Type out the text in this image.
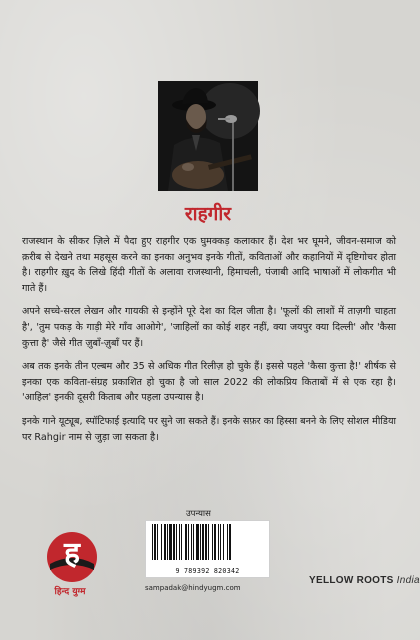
राहगीर

राजस्थान के सीकर ज़िले में पैदा हुए राहगीर एक घुमक्कड़ कलाकार हैं। देश भर घूमने, जीवन-समाज को क़रीब से देखने तथा महसूस करने का इनका अनुभव इनके गीतों, कविताओं और कहानियों में दृष्टिगोचर होता है। राहगीर ख़ुद के लिखे हिंदी गीतों के अलावा राजस्थानी, हिमाचली, पंजाबी आदि भाषाओं में लोकगीत भी गाते हैं।

अपने सच्चे-सरल लेखन और गायकी से इन्होंने पूरे देश का दिल जीता है। 'फूलों की लाशों में ताज़गी चाहता है', 'तुम पकड़ के गाड़ी मेरे गाँव आओगे', 'जाहिलों का कोई शहर नहीं, क्या जयपुर क्या दिल्ली' और 'कैसा कुत्ता है' जैसे गीत ज़ुबाँ-ज़ुबाँ पर हैं।

अब तक इनके तीन एल्बम और 35 से अधिक गीत रिलीज़ हो चुके हैं। इससे पहले 'कैसा कुत्ता है!' शीर्षक से इनका एक कविता-संग्रह प्रकाशित हो चुका है जो साल 2022 की लोकप्रिय किताबों में से एक रहा है। 'आहिल' इनकी दूसरी किताब और पहला उपन्यास है।

इनके गाने यूट्यूब, स्पॉटिफाई इत्यादि पर सुने जा सकते हैं। इनके सफ़र का हिस्सा बनने के लिए सोशल मीडिया पर Rahgir नाम से जुड़ा जा सकता है।

उपन्यास
9 789392 820342
sampadak@hindyugm.com
ह
हिन्द युग्म
YELLOW ROOTS India
